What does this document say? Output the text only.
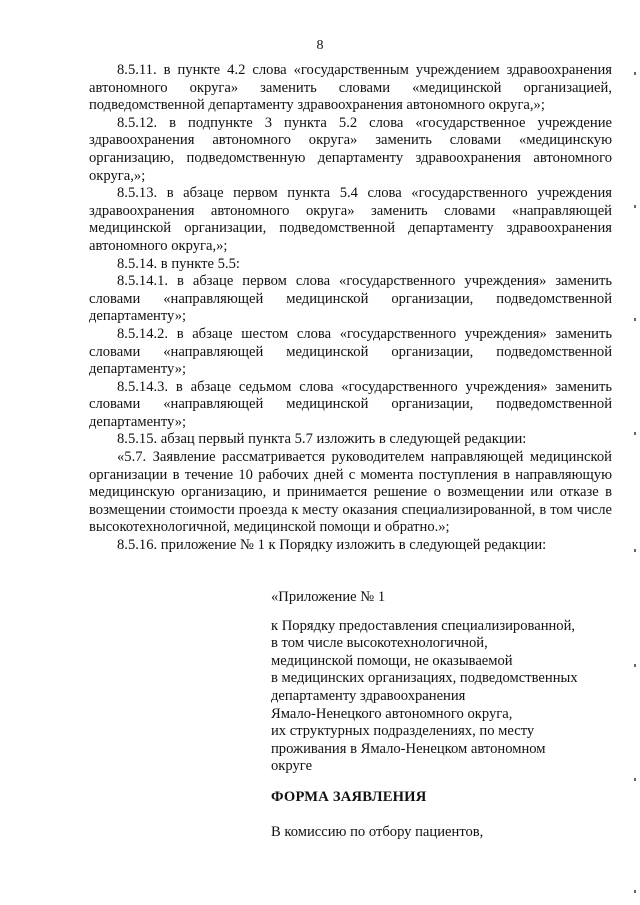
8

8.5.11. в пункте 4.2 слова «государственным учреждением здравоохранения автономного округа» заменить словами «медицинской организацией, подведомственной департаменту здравоохранения автономного округа,»;

8.5.12. в подпункте 3 пункта 5.2 слова «государственное учреждение здравоохранения автономного округа» заменить словами «медицинскую организацию, подведомственную департаменту здравоохранения автономного округа,»;

8.5.13. в абзаце первом пункта 5.4 слова «государственного учреждения здравоохранения автономного округа» заменить словами «направляющей медицинской организации, подведомственной департаменту здравоохранения автономного округа,»;

8.5.14. в пункте 5.5:

8.5.14.1. в абзаце первом слова «государственного учреждения» заменить словами «направляющей медицинской организации, подведомственной департаменту»;

8.5.14.2. в абзаце шестом слова «государственного учреждения» заменить словами «направляющей медицинской организации, подведомственной департаменту»;

8.5.14.3. в абзаце седьмом слова «государственного учреждения» заменить словами «направляющей медицинской организации, подведомственной департаменту»;

8.5.15. абзац первый пункта 5.7 изложить в следующей редакции:

«5.7. Заявление рассматривается руководителем направляющей медицинской организации в течение 10 рабочих дней с момента поступления в направляющую медицинскую организацию, и принимается решение о возмещении или отказе в возмещении стоимости проезда к месту оказания специализированной, в том числе высокотехнологичной, медицинской помощи и обратно.»;

8.5.16. приложение № 1 к Порядку изложить в следующей редакции:

«Приложение № 1

к Порядку предоставления специализированной,
в том числе высокотехнологичной,
медицинской помощи, не оказываемой
в медицинских организациях, подведомственных
департаменту здравоохранения
Ямало-Ненецкого автономного округа,
их структурных подразделениях, по месту
проживания в Ямало-Ненецком автономном
округе
ФОРМА ЗАЯВЛЕНИЯ
В комиссию по отбору пациентов,
